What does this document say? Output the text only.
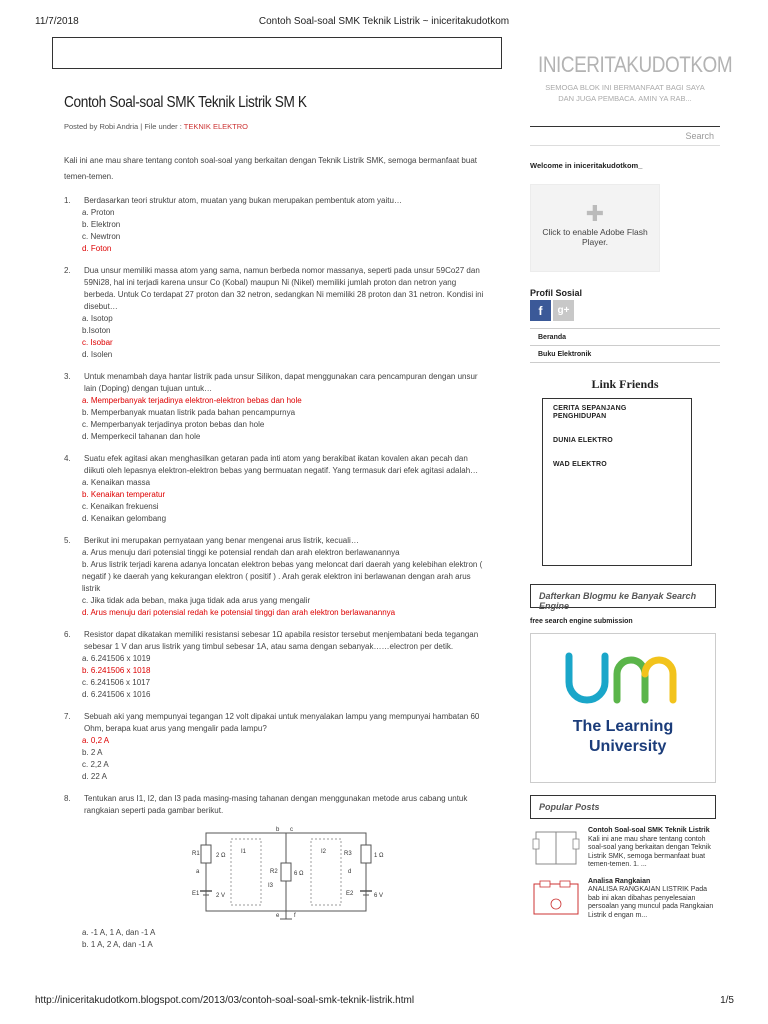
11/7/2018	Contoh Soal-soal SMK Teknik Listrik ~ iniceritakudotkom
Contoh Soal-soal SMK Teknik Listrik SM K
Posted by Robi Andria | File under : TEKNIK ELEKTRO
Kali ini ane mau share tentang contoh soal-soal yang berkaitan dengan Teknik Listrik SMK, semoga bermanfaat buat temen-temen.
1.	Berdasarkan teori struktur atom, muatan yang bukan merupakan pembentuk atom yaitu…
a. Proton
b. Elektron
c. Newtron
d. Foton
2.	Dua unsur memiliki massa atom yang sama, namun berbeda nomor massanya, seperti pada unsur 59Co27 dan 59Ni28, hal ini terjadi karena unsur Co (Kobal) maupun Ni (Nikel) memiliki jumlah proton dan netron yang berbeda. Untuk Co terdapat 27 proton dan 32 netron, sedangkan Ni memiliki 28 proton dan 31 netron. Kondisi ini disebut…
a. Isotop
b.Isoton
c. Isobar
d. Isolen
3.	Untuk menambah daya hantar listrik pada unsur Silikon, dapat menggunakan cara pencampuran dengan unsur lain (Doping) dengan tujuan untuk…
a. Memperbanyak terjadinya elektron-elektron bebas dan hole
b. Memperbanyak muatan listrik pada bahan pencampurnya
c. Memperbanyak terjadinya proton bebas dan hole
d. Memperkecil tahanan dan hole
4.	Suatu efek agitasi akan menghasilkan getaran pada inti atom yang berakibat ikatan kovalen akan pecah dan diikuti oleh lepasnya elektron-elektron bebas yang bermuatan negatif. Yang termasuk dari efek agitasi adalah…
a. Kenaikan massa
b. Kenaikan temperatur
c. Kenaikan frekuensi
d. Kenaikan gelombang
5.	Berikut ini merupakan pernyataan yang benar mengenai arus listrik, kecuali…
a. Arus menuju dari potensial tinggi ke potensial rendah dan arah elektron berlawanannya
b. Arus listrik terjadi karena adanya loncatan elektron bebas yang meloncat dari daerah yang kelebihan elektron ( negatif ) ke daerah yang kekurangan elektron ( positif ) . Arah gerak elektron ini berlawanan dengan arah arus listrik
c. Jika tidak ada beban, maka juga tidak ada arus yang mengalir
d. Arus menuju dari potensial redah ke potensial tinggi dan arah elektron berlawanannya
6.	Resistor dapat dikatakan memiliki resistansi sebesar 1Ω apabila resistor tersebut menjembatani beda tegangan sebesar 1 V dan arus listrik yang timbul sebesar 1A, atau sama dengan sebanyak……electron per detik.
a. 6.241506 x 1019
b. 6.241506 x 1018
c. 6.241506 x 1017
d. 6.241506 x 1016
7.	Sebuah aki yang mempunyai tegangan 12 volt dipakai untuk menyalakan lampu yang mempunyai hambatan 60 Ohm, berapa kuat arus yang mengalir pada lampu?
a. 0,2 A
b. 2 A
c. 2,2 A
d. 22 A
8.	Tentukan arus I1, I2, dan I3 pada masing-masing tahanan dengan menggunakan metode arus cabang untuk rangkaian seperti pada gambar berikut.
2 Ω
6 Ω
1 Ω
2 V	6 V
I1	I2
I3
R1
R2
R3
E1	E2
a
b c
d
e f
a. -1 A, 1 A, dan -1 A
b. 1 A, 2 A, dan -1 A
INICERITAKUDOTKOM
SEMOGA BLOK INI BERMANFAAT BAGI SAYA DAN JUGA PEMBACA. AMIN YA RAB...
Search
Welcome in iniceritakudotkom_
✚
Click to enable Adobe Flash Player.
Profil Sosial
f	g+
Beranda
Buku Elektronik
Link Friends
CERITA SEPANJANG PENGHIDUPAN
DUNIA ELEKTRO
WAD ELEKTRO
Dafterkan Blogmu ke Banyak Search Engine
free search engine submission
The Learning
University
Popular Posts
Contoh Soal-soal SMK Teknik Listrik
Kali ini ane mau share tentang contoh soal-soal yang berkaitan dengan Teknik Listrik SMK, semoga bermanfaat buat temen-temen. 1. ...
Analisa Rangkaian
ANALISA RANGKAIAN LISTRIK Pada bab ini akan dibahas penyelesaian persoalan yang muncul pada Rangkaian Listrik d engan m...
http://iniceritakudotkom.blogspot.com/2013/03/contoh-soal-soal-smk-teknik-listrik.html	1/5
